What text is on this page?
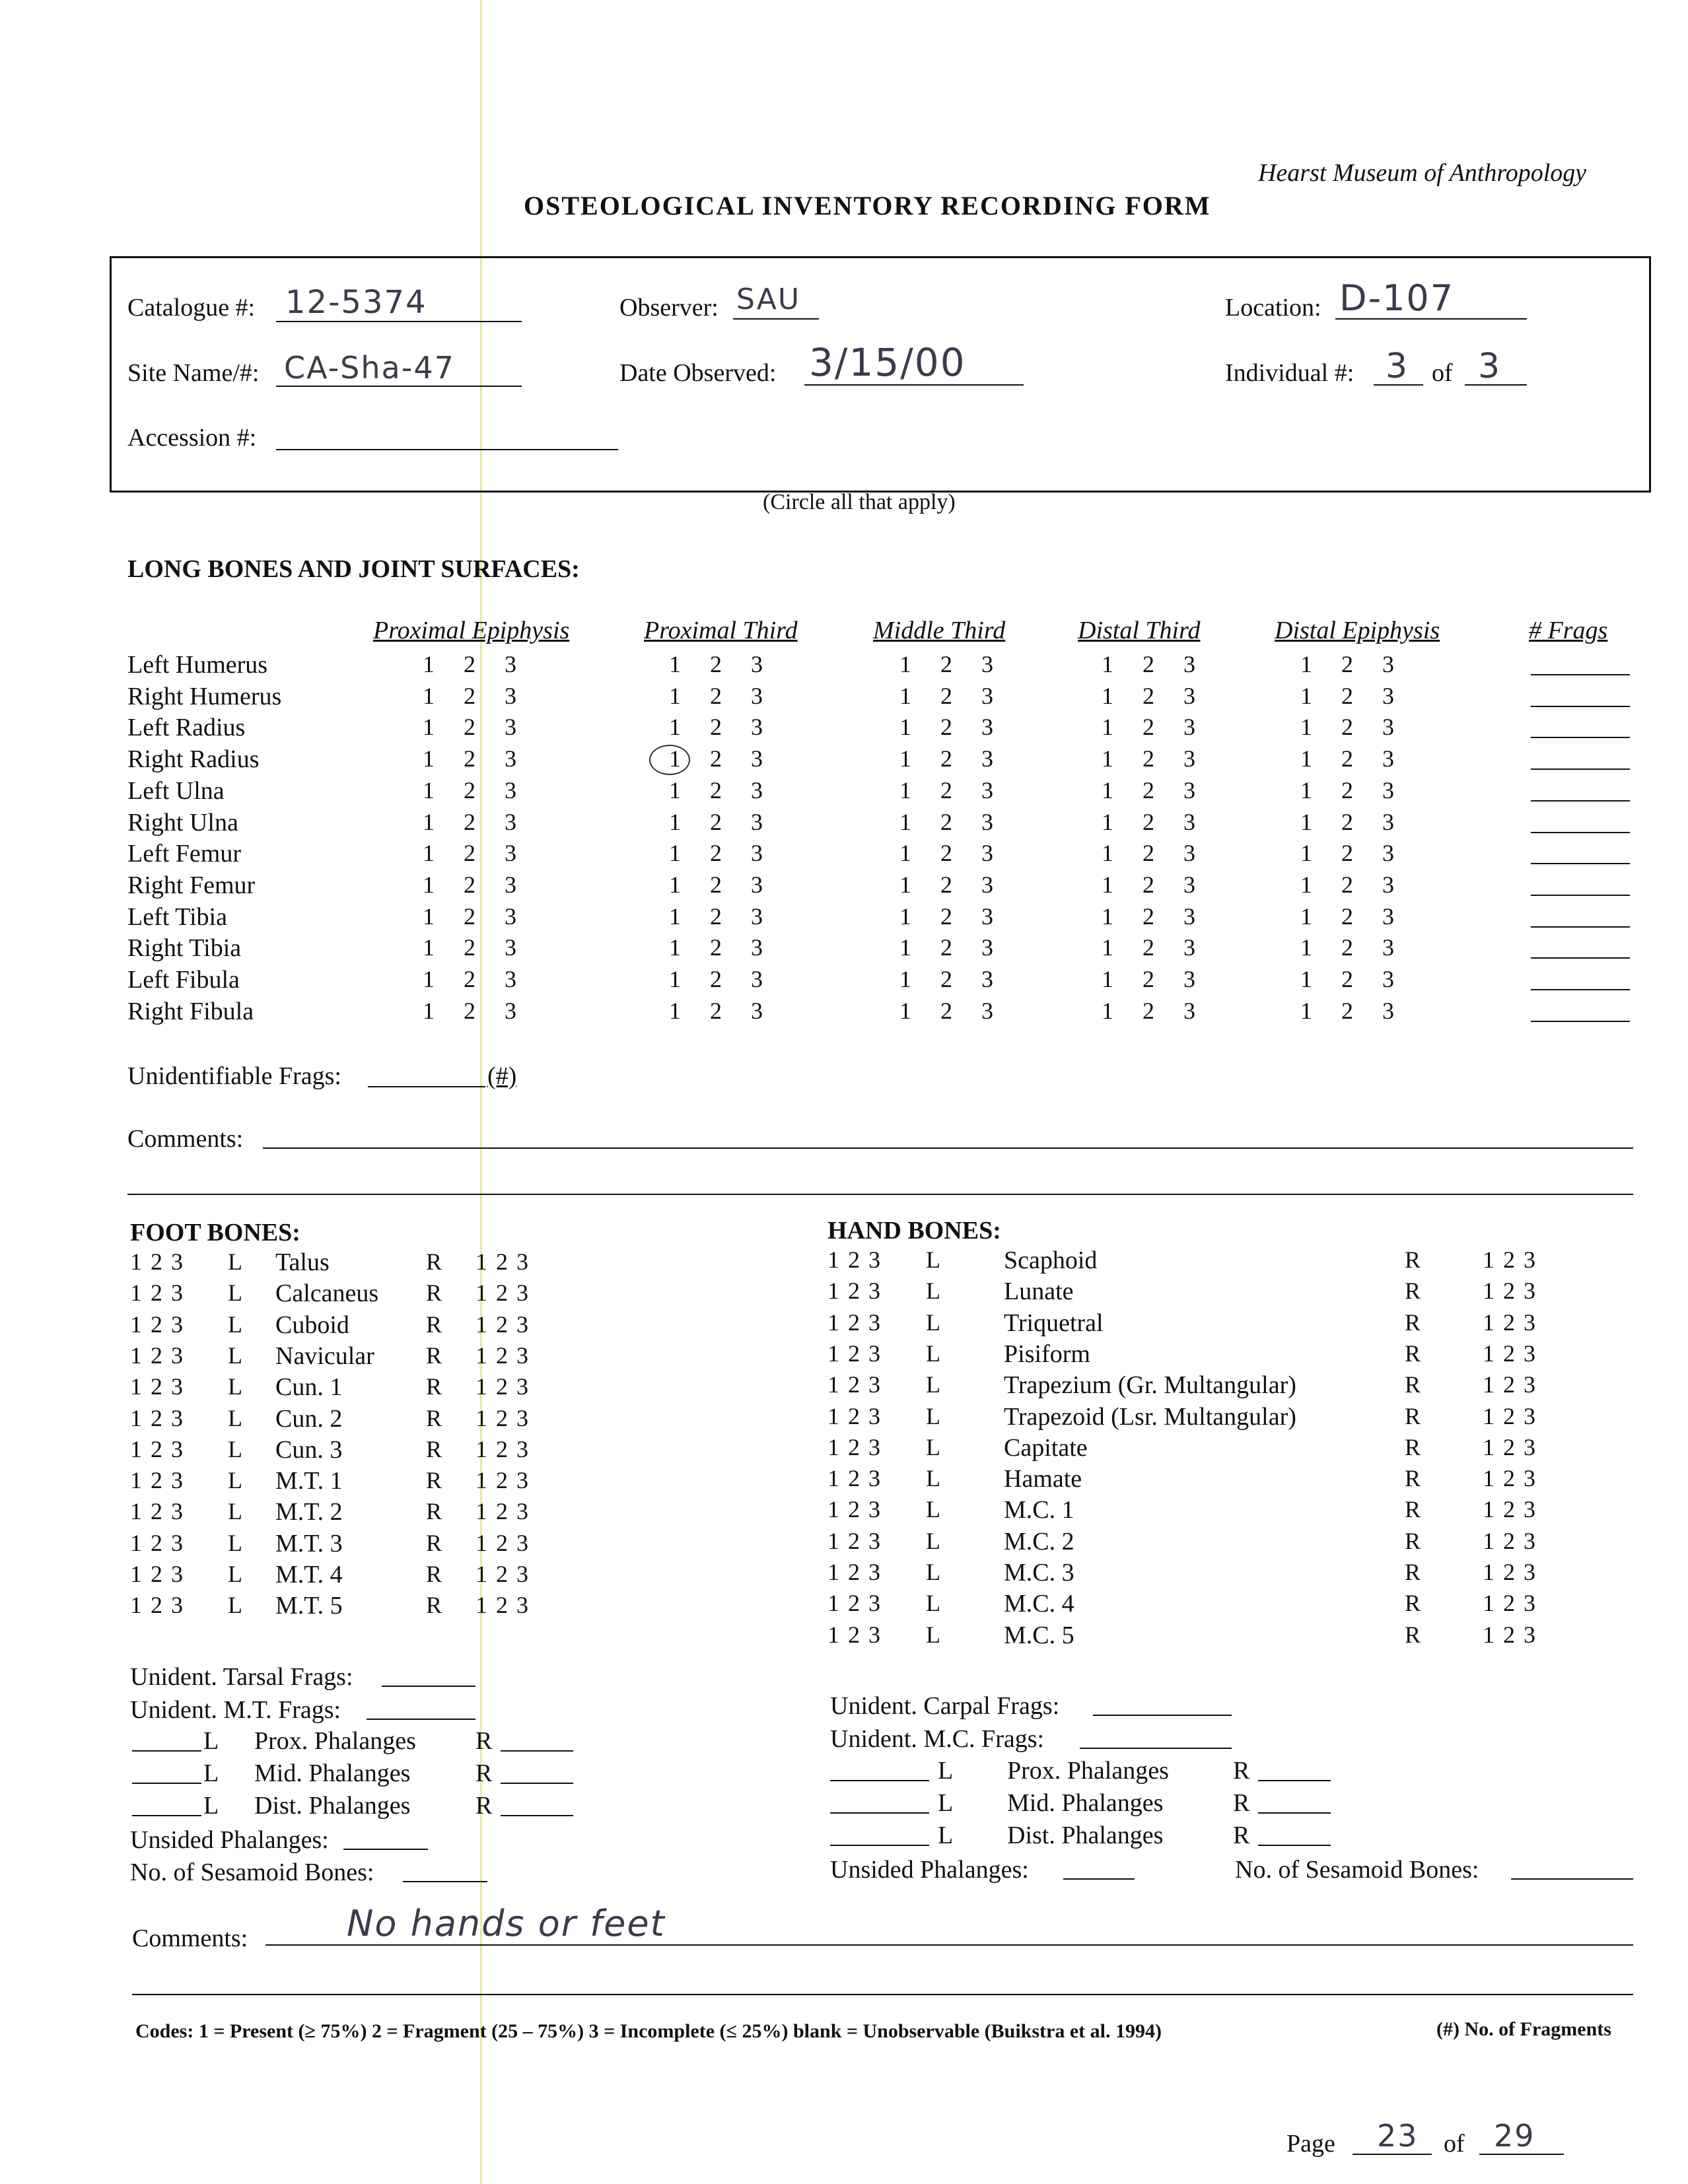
Hearst Museum of Anthropology
OSTEOLOGICAL INVENTORY RECORDING FORM
Catalogue #: 12-5374	Observer: SAU	Location: D-107
Site Name/#: CA-Sha-47	Date Observed: 3/15/00	Individual #: 3 of 3
Accession #:
(Circle all that apply)
LONG BONES AND JOINT SURFACES:
Proximal Epiphysis	Proximal Third	Middle Third	Distal Third	Distal Epiphysis	# Frags
Left Humerus	1 2 3	1 2 3	1 2 3	1 2 3	1 2 3
Right Humerus	1 2 3	1 2 3	1 2 3	1 2 3	1 2 3
Left Radius	1 2 3	1 2 3	1 2 3	1 2 3	1 2 3
Right Radius	1 2 3	1 2 3	1 2 3	1 2 3	1 2 3
Left Ulna	1 2 3	1 2 3	1 2 3	1 2 3	1 2 3
Right Ulna	1 2 3	1 2 3	1 2 3	1 2 3	1 2 3
Left Femur	1 2 3	1 2 3	1 2 3	1 2 3	1 2 3
Right Femur	1 2 3	1 2 3	1 2 3	1 2 3	1 2 3
Left Tibia	1 2 3	1 2 3	1 2 3	1 2 3	1 2 3
Right Tibia	1 2 3	1 2 3	1 2 3	1 2 3	1 2 3
Left Fibula	1 2 3	1 2 3	1 2 3	1 2 3	1 2 3
Right Fibula	1 2 3	1 2 3	1 2 3	1 2 3	1 2 3
Unidentifiable Frags:	(#)
Comments:
FOOT BONES:	HAND BONES:
1 2 3 L Talus	R 1 2 3
1 2 3 L Calcaneus R 1 2 3
1 2 3 L Cuboid	R 1 2 3
1 2 3 L Navicular R 1 2 3
1 2 3 L Cun. 1	R 1 2 3
1 2 3 L Cun. 2	R 1 2 3
1 2 3 L Cun. 3	R 1 2 3
1 2 3 L M.T. 1	R 1 2 3
1 2 3 L M.T. 2	R 1 2 3
1 2 3 L M.T. 3	R 1 2 3
1 2 3 L M.T. 4	R 1 2 3
1 2 3 L M.T. 5	R 1 2 3
1 2 3 L	Scaphoid	R	1 2 3
1 2 3 L	Lunate	R	1 2 3
1 2 3 L	Triquetral	R	1 2 3
1 2 3 L	Pisiform	R	1 2 3
1 2 3 L	Trapezium (Gr. Multangular)	R	1 2 3
1 2 3 L	Trapezoid (Lsr. Multangular)	R	1 2 3
1 2 3 L	Capitate	R	1 2 3
1 2 3 L	Hamate	R	1 2 3
1 2 3 L	M.C. 1	R	1 2 3
1 2 3 L	M.C. 2	R	1 2 3
1 2 3 L	M.C. 3	R	1 2 3
1 2 3 L	M.C. 4	R	1 2 3
1 2 3 L	M.C. 5	R	1 2 3
Unident. Tarsal Frags:
Unident. M.T. Frags:
L Prox. Phalanges R
L Mid. Phalanges	R
L Dist. Phalanges	R
Unsided Phalanges:
No. of Sesamoid Bones:
Unident. Carpal Frags:
Unident. M.C. Frags:
L Prox. Phalanges	R
L Mid. Phalanges	R
L Dist. Phalanges	R
Unsided Phalanges:	No. of Sesamoid Bones:
Comments:	No hands or feet
Codes: 1 = Present (≥ 75%) 2 = Fragment (25 – 75%) 3 = Incomplete (≤ 25%) blank = Unobservable (Buikstra et al. 1994)	(#) No. of Fragments
Page 23 of 29
